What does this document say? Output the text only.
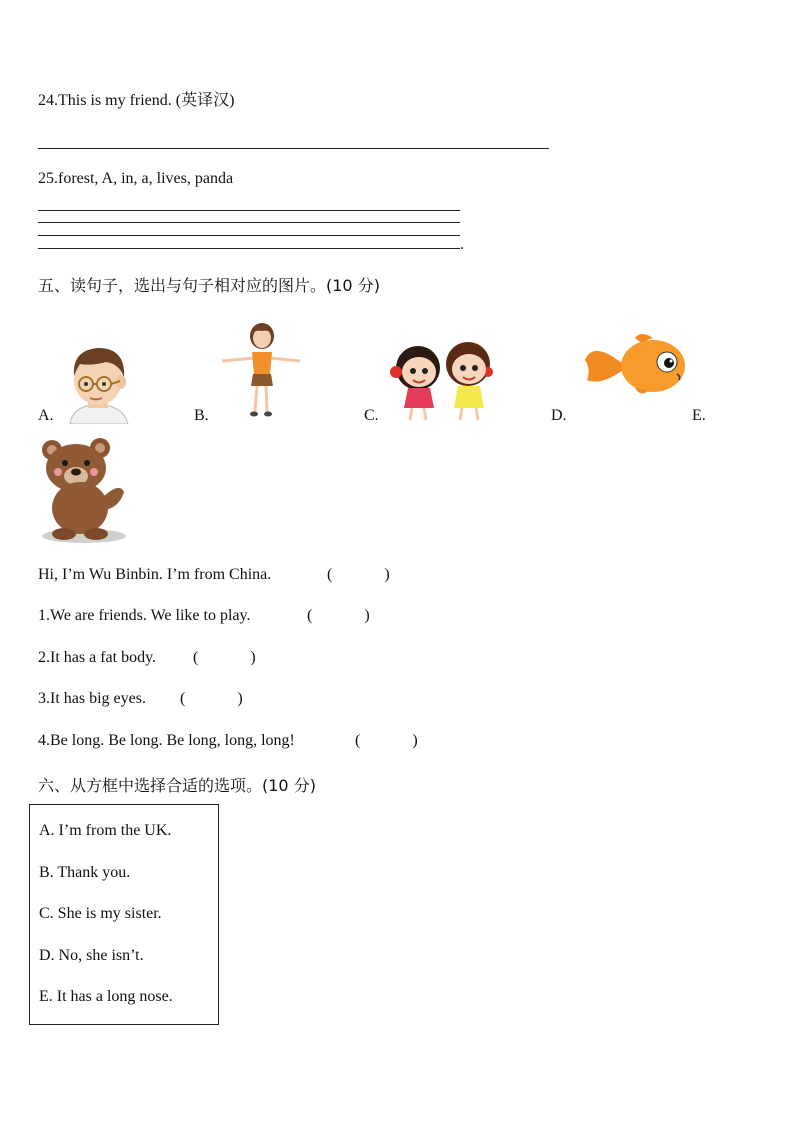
24.This is my friend. (英译汉)
25.forest, A, in, a, lives, panda
.
五、读句子，选出与句子相对应的图片。(10 分)
A.	B.	C.	D.	E.
Hi, I’m Wu Binbin. I’m from China.	(	)
1.We are friends. We like to play.	(	)
2.It has a fat body. (	)
3.It has big eyes. (	)
4.Be long. Be long. Be long, long, long!	(	)
六、从方框中选择合适的选项。(10 分)
A. I’m from the UK.
B. Thank you.
C. She is my sister.
D. No, she isn’t.
E. It has a long nose.
